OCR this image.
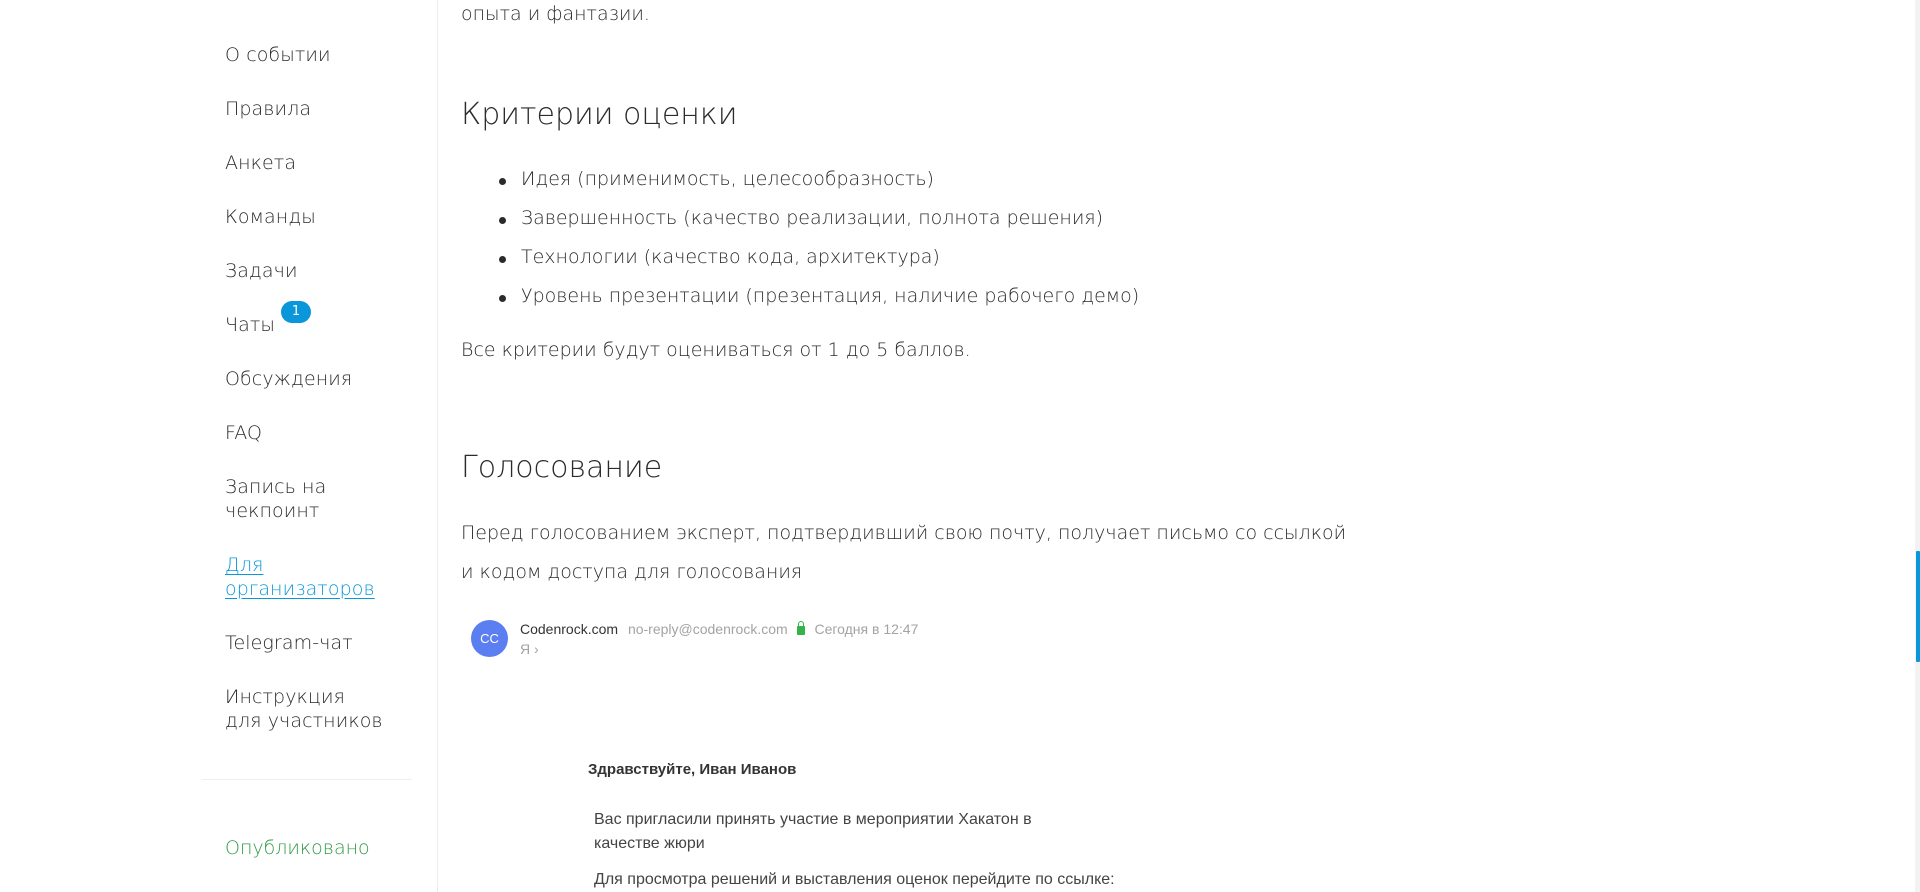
О событии
Правила
Анкета
Команды
Задачи
Чаты
1
Обсуждения
FAQ
Запись на чекпоинт
Для организаторов
Telegram-чат
Инструкция для участников
Опубликовано
опыта и фантазии.
Критерии оценки
Идея (применимость, целесообразность)
Завершенность (качество реализации, полнота решения)
Технологии (качество кода, архитектура)
Уровень презентации (презентация, наличие рабочего демо)

Все критерии будут оцениваться от 1 до 5 баллов.

Голосование

Перед голосованием эксперт, подтвердивший свою почту, получает письмо со ссылкой и кодом доступа для голосования

CC
Codenrock.com no-reply@codenrock.com Сегодня в 12:47
Я ›
Здравствуйте, Иван Иванов

Вас пригласили принять участие в мероприятии Хакатон в качестве жюри

Для просмотра решений и выставления оценок перейдите по ссылке:
